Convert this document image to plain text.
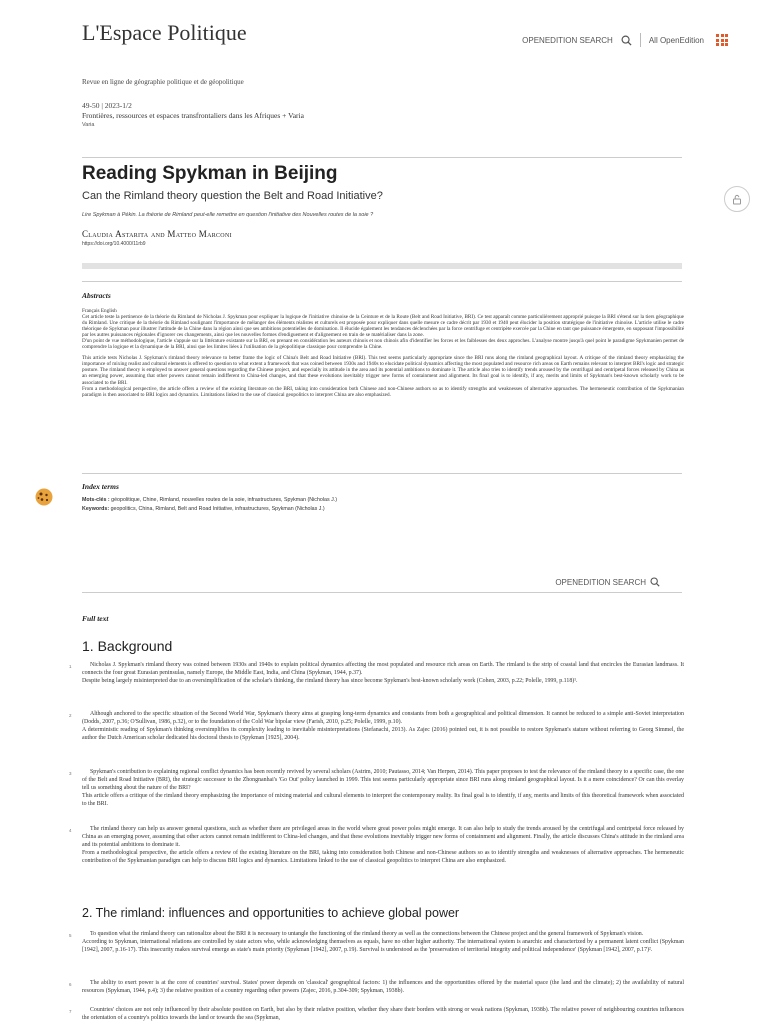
OPENEDITION SEARCH	All OpenEdition
L'Espace Politique
Revue en ligne de géographie politique et de géopolitique
49-50 | 2023-1/2
Frontières, ressources et espaces transfrontaliers dans les Afriques + Varia
Varia
Reading Spykman in Beijing
Can the Rimland theory question the Belt and Road Initiative?
Lire Spykman à Pékin. La théorie de Rimland peut-elle remettre en question l'initiative des Nouvelles routes de la soie ?
Claudia Astarita and Matteo Marconi
https://doi.org/10.4000/11rb9
Abstracts

Français English

Cet article teste la pertinence de la théorie du Rimland de Nicholas J. Spykman pour expliquer la logique de l'initiative chinoise de la Ceinture et de la Route (Belt and Road Initiative, BRI). Ce test apparaît comme particulièrement approprié puisque la BRI s'étend sur la tiers géographique du Rimland. Une critique de la théorie du Rimland soulignant l'importance de mélanger des éléments réalistes et culturels est proposée pour expliquer dans quelle mesure ce cadre décrit par 1930 et 1940 peut élucider la position stratégique de l'initiative chinoise. L'article utilise le cadre théorique de Spykman pour illustrer l'attitude de la Chine dans la région ainsi que ses ambitions potentielles de domination. Il élucide également les tendances déclenchées par la force centrifuge et centripète exercée par la Chine en tant que puissance émergente, en supposant l'impossibilité par les autres puissances régionales d'ignorer ces changements, ainsi que les nouvelles formes d'endiguement et d'alignement en train de se matérialiser dans la zone.

D'un point de vue méthodologique, l'article s'appuie sur la littérature existante sur la BRI, en prenant en considération les auteurs chinois et non chinois afin d'identifier les forces et les faiblesses des deux approches. L'analyse montre jusqu'à quel point le paradigme Spykmanien permet de comprendre la logique et la dynamique de la BRI, ainsi que les limites liées à l'utilisation de la géopolitique classique pour comprendre la Chine.

This article tests Nicholas J. Spykman's rimland theory relevance to better frame the logic of China's Belt and Road Initiative (BRI). This test seems particularly appropriate since the BRI runs along the rimland geographical layout. A critique of the rimland theory emphasizing the importance of mixing realist and cultural elements is offered to question to what extent a framework that was coined between 1930s and 1940s to elucidate political dynamics affecting the most populated and resource rich areas on Earth remains relevant to interpret BRI's logic and strategic posture. The rimland theory is employed to answer general questions regarding the Chinese project, and especially its attitude in the area and its potential ambitions to dominate it. The article also tries to identify trends aroused by the centrifugal and centripetal forces released by China as an emerging power, assuming that other powers cannot remain indifferent to China-led changes, and that these evolutions inevitably trigger new forms of containment and alignment. Its final goal is to identify, if any, merits and limits of Spykman's best-known scholarly work to be associated to the BRI.

From a methodological perspective, the article offers a review of the existing literature on the BRI, taking into consideration both Chinese and non-Chinese authors so as to identify strengths and weaknesses of alternative approaches. The hermeneutic contribution of the Spykmanian paradigm is then associated to BRI logics and dynamics. Limitations linked to the use of classical geopolitics to interpret China are also emphasized.

Index terms
Mots-clés : géopolitique, Chine, Rimland, nouvelles routes de la soie, infrastructures, Spykman (Nicholas J.)
Keywords: geopolitics, China, Rimland, Belt and Road Initiative, infrastructures, Spykman (Nicholas J.)
OPENEDITION SEARCH
Full text
1. Background
1	Nicholas J. Spykman's rimland theory was coined between 1930s and 1940s to explain political dynamics affecting the most populated and resource rich areas on Earth. The rimland is the strip of coastal land that encircles the Eurasian landmass. It connects the four great Eurasian peninsulas, namely Europe, the Middle East, India, and China (Spykman, 1944, p.37).

Despite being largely misinterpreted due to an oversimplification of the scholar's thinking, the rimland theory has since become Spykman's best-known scholarly work (Cohen, 2003, p.22; Polelle, 1999, p.118)¹.

2	Although anchored to the specific situation of the Second World War, Spykman's theory aims at grasping long-term dynamics and constants from both a geographical and political dimension. It cannot be reduced to a simple anti-Soviet interpretation (Dodds, 2007, p.36; O'Sullivan, 1986, p.32), or to the foundation of the Cold War bipolar view (Farish, 2010, p.25; Polelle, 1999, p.10).

A deterministic reading of Spykman's thinking oversimplifies its complexity leading to inevitable misinterpretations (Stefanachi, 2013). As Zajec (2016) pointed out, it is not possible to restore Spykman's stature without referring to Georg Simmel, the author the Dutch American scholar dedicated his doctoral thesis to (Spykman [1925], 2004).

3	Spykman's contribution to explaining regional conflict dynamics has been recently revived by several scholars (Astrim, 2010; Pautasso, 2014; Van Herpen, 2014). This paper proposes to test the relevance of the rimland theory to a specific case, the one of the Belt and Road Initiative (BRI), the strategic successor to the Zhongnanhai's 'Go Out' policy launched in 1999. This test seems particularly appropriate since BRI runs along rimland geographical layout. Is it a mere coincidence? Or can this overlay tell us something about the nature of the BRI?

This article offers a critique of the rimland theory emphasizing the importance of mixing material and cultural elements to interpret the contemporary reality. Its final goal is to identify, if any, merits and limits of this theoretical framework when associated to the BRI.

4	The rimland theory can help us answer general questions, such as whether there are privileged areas in the world where great power poles might emerge. It can also help to study the trends aroused by the centrifugal and centripetal force released by China as an emerging power, assuming that other actors cannot remain indifferent to China-led changes, and that these evolutions inevitably trigger new forms of containment and alignment. Finally, the article discusses China's attitude in the rimland area and its potential ambitions to dominate it.

From a methodological perspective, the article offers a review of the existing literature on the BRI, taking into consideration both Chinese and non-Chinese authors so as to identify strengths and weaknesses of alternative approaches. The hermeneutic contribution of the Spykmanian paradigm can help to discuss BRI logics and dynamics. Limitations linked to the use of classical geopolitics to interpret China are also emphasized.

2. The rimland: influences and opportunities to achieve global power
5	To question what the rimland theory can rationalize about the BRI it is necessary to untangle the functioning of the rimland theory as well as the connections between the Chinese project and the general framework of Spykman's vision.

According to Spykman, international relations are controlled by state actors who, while acknowledging themselves as equals, have no other higher authority. The international system is anarchic and characterized by a permanent latent conflict (Spykman [1942], 2007, p.16-17). This insecurity makes survival emerge as state's main priority (Spykman [1942], 2007, p.19). Survival is understood as the 'preservation of territorial integrity and political independence' (Spykman [1942], 2007, p.17)².

6	The ability to exert power is at the core of countries' survival. States' power depends on 'classical' geographical factors: 1) the influences and the opportunities offered by the material space (the land and the climate); 2) the availability of natural resources (Spykman, 1944, p.4); 3) the relative position of a country regarding other powers (Zajec, 2016, p.304-309; Spykman, 1938b).

7	Countries' choices are not only influenced by their absolute position on Earth, but also by their relative position, whether they share their borders with strong or weak nations (Spykman, 1938b). The relative power of neighbouring countries influences the orientation of a country's politics towards the land or towards the sea (Spykman,
